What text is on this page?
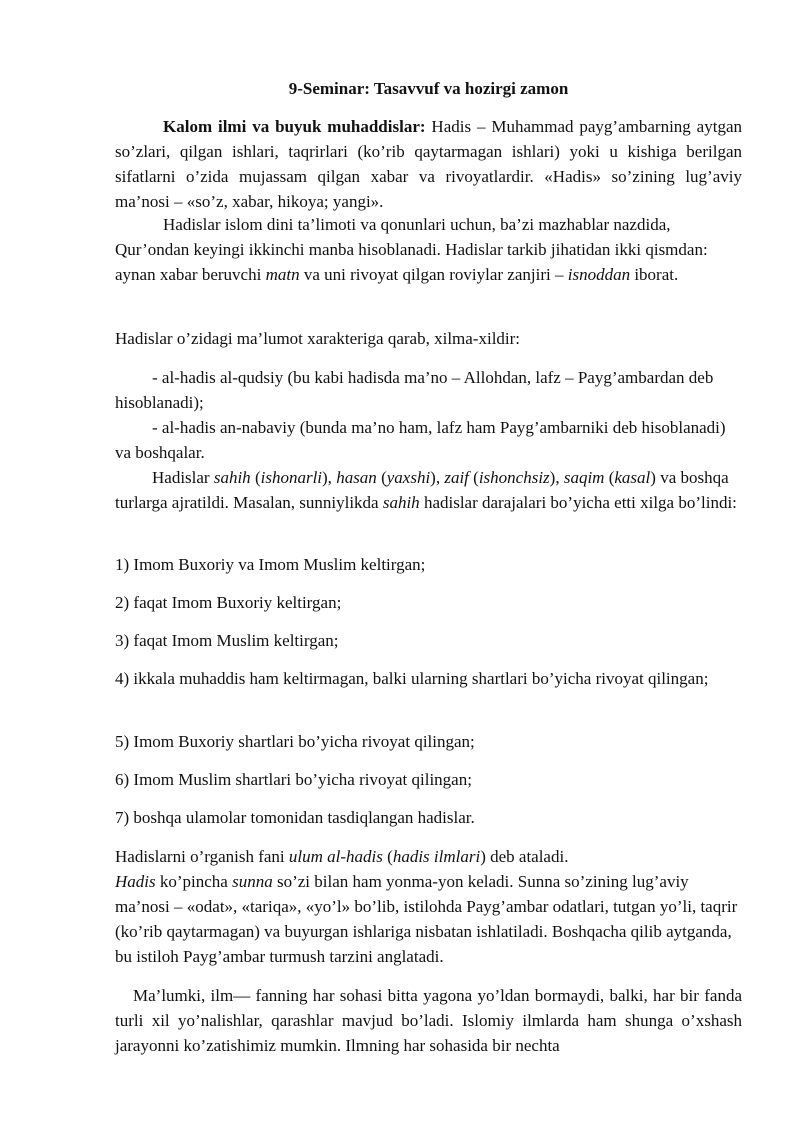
9-Seminar: Tasavvuf va hozirgi zamon

Kalom ilmi va buyuk muhaddislar: Hadis – Muhammad payg’ambarning aytgan so’zlari, qilgan ishlari, taqrirlari (ko’rib qaytarmagan ishlari) yoki u kishiga berilgan sifatlarni o’zida mujassam qilgan xabar va rivoyatlardir. «Hadis» so’zining lug’aviy ma’nosi – «so’z, xabar, hikoya; yangi».

Hadislar islom dini ta’limoti va qonunlari uchun, ba’zi mazhablar nazdida, Qur’ondan keyingi ikkinchi manba hisoblanadi. Hadislar tarkib jihatidan ikki qismdan: aynan xabar beruvchi matn va uni rivoyat qilgan roviylar zanjiri – isnoddan iborat.

Hadislar o’zidagi ma’lumot xarakteriga qarab, xilma-xildir:

- al-hadis al-qudsiy (bu kabi hadisda ma’no – Allohdan, lafz – Payg’ambardan deb hisoblanadi);

- al-hadis an-nabaviy (bunda ma’no ham, lafz ham Payg’ambarniki deb hisoblanadi) va boshqalar.

Hadislar sahih (ishonarli), hasan (yaxshi), zaif (ishonchsiz), saqim (kasal) va boshqa turlarga ajratildi. Masalan, sunniylikda sahih hadislar darajalari bo’yicha etti xilga bo’lindi:

1) Imom Buxoriy va Imom Muslim keltirgan;

2) faqat Imom Buxoriy keltirgan;

3) faqat Imom Muslim keltirgan;

4) ikkala muhaddis ham keltirmagan, balki ularning shartlari bo’yicha rivoyat qilingan;

5) Imom Buxoriy shartlari bo’yicha rivoyat qilingan;

6) Imom Muslim shartlari bo’yicha rivoyat qilingan;

7) boshqa ulamolar tomonidan tasdiqlangan hadislar.

Hadislarni o’rganish fani ulum al-hadis (hadis ilmlari) deb ataladi.

Hadis ko’pincha sunna so’zi bilan ham yonma-yon keladi. Sunna so’zining lug’aviy ma’nosi – «odat», «tariqa», «yo’l» bo’lib, istilohda Payg’ambar odatlari, tutgan yo’li, taqrir (ko’rib qaytarmagan) va buyurgan ishlariga nisbatan ishlatiladi. Boshqacha qilib aytganda, bu istiloh Payg’ambar turmush tarzini anglatadi.

Ma’lumki, ilm— fanning har sohasi bitta yagona yo’ldan bormaydi, balki, har bir fanda turli xil yo’nalishlar, qarashlar mavjud bo’ladi. Islomiy ilmlarda ham shunga o’xshash jarayonni ko’zatishimiz mumkin. Ilmning har sohasida bir nechta
